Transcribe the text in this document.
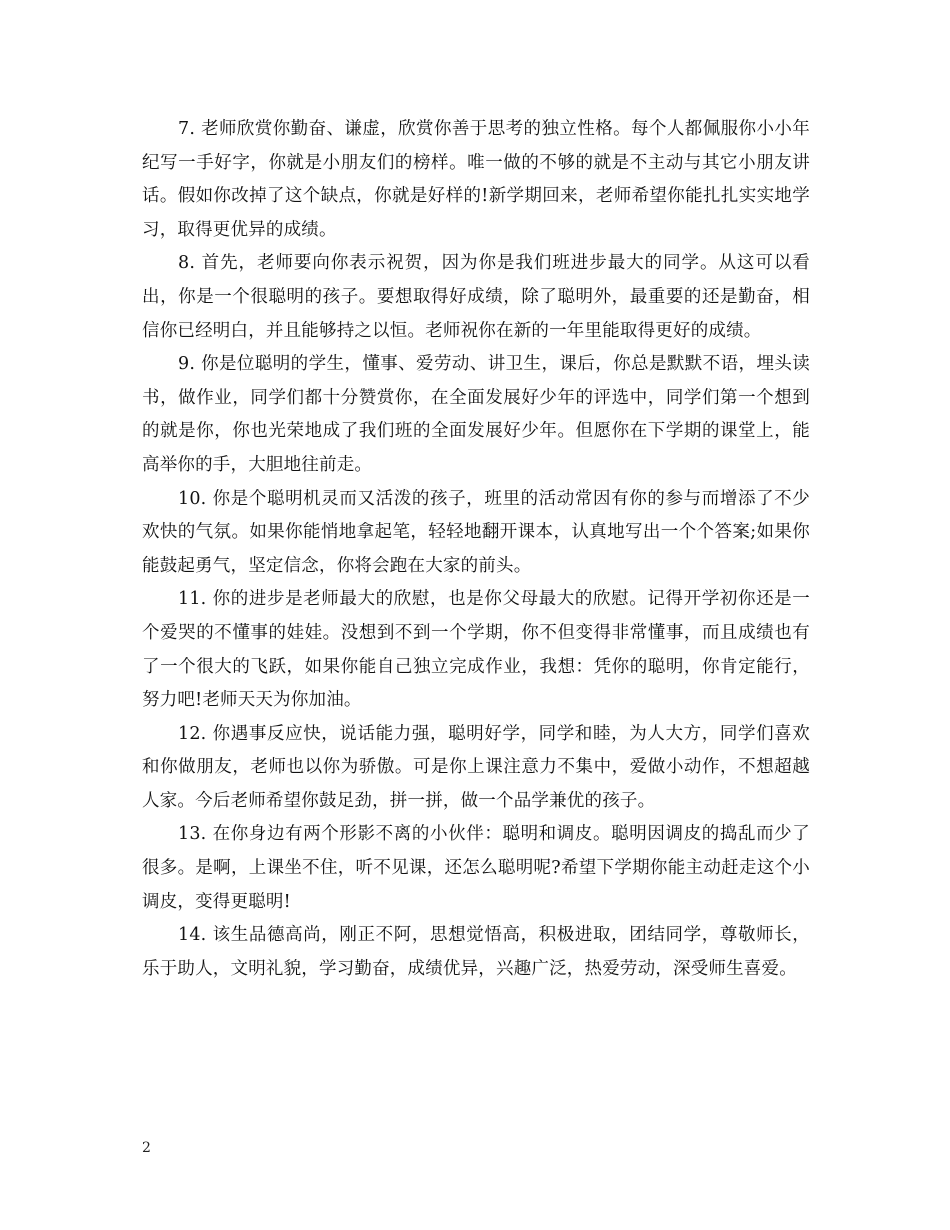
7. 老师欣赏你勤奋、谦虚，欣赏你善于思考的独立性格。每个人都佩服你小小年纪写一手好字，你就是小朋友们的榜样。唯一做的不够的就是不主动与其它小朋友讲话。假如你改掉了这个缺点，你就是好样的!新学期回来，老师希望你能扎扎实实地学习，取得更优异的成绩。

8. 首先，老师要向你表示祝贺，因为你是我们班进步最大的同学。从这可以看出，你是一个很聪明的孩子。要想取得好成绩，除了聪明外，最重要的还是勤奋，相信你已经明白，并且能够持之以恒。老师祝你在新的一年里能取得更好的成绩。

9. 你是位聪明的学生，懂事、爱劳动、讲卫生，课后，你总是默默不语，埋头读书，做作业，同学们都十分赞赏你，在全面发展好少年的评选中，同学们第一个想到的就是你，你也光荣地成了我们班的全面发展好少年。但愿你在下学期的课堂上，能高举你的手，大胆地往前走。

10. 你是个聪明机灵而又活泼的孩子，班里的活动常因有你的参与而增添了不少欢快的气氛。如果你能悄地拿起笔，轻轻地翻开课本，认真地写出一个个答案;如果你能鼓起勇气，坚定信念，你将会跑在大家的前头。

11. 你的进步是老师最大的欣慰，也是你父母最大的欣慰。记得开学初你还是一个爱哭的不懂事的娃娃。没想到不到一个学期，你不但变得非常懂事，而且成绩也有了一个很大的飞跃，如果你能自己独立完成作业，我想：凭你的聪明，你肯定能行，努力吧!老师天天为你加油。

12. 你遇事反应快，说话能力强，聪明好学，同学和睦，为人大方，同学们喜欢和你做朋友，老师也以你为骄傲。可是你上课注意力不集中，爱做小动作，不想超越人家。今后老师希望你鼓足劲，拼一拼，做一个品学兼优的孩子。

13. 在你身边有两个形影不离的小伙伴：聪明和调皮。聪明因调皮的捣乱而少了很多。是啊，上课坐不住，听不见课，还怎么聪明呢?希望下学期你能主动赶走这个小调皮，变得更聪明!

14. 该生品德高尚，刚正不阿，思想觉悟高，积极进取，团结同学，尊敬师长，乐于助人，文明礼貌，学习勤奋，成绩优异，兴趣广泛，热爱劳动，深受师生喜爱。

2
